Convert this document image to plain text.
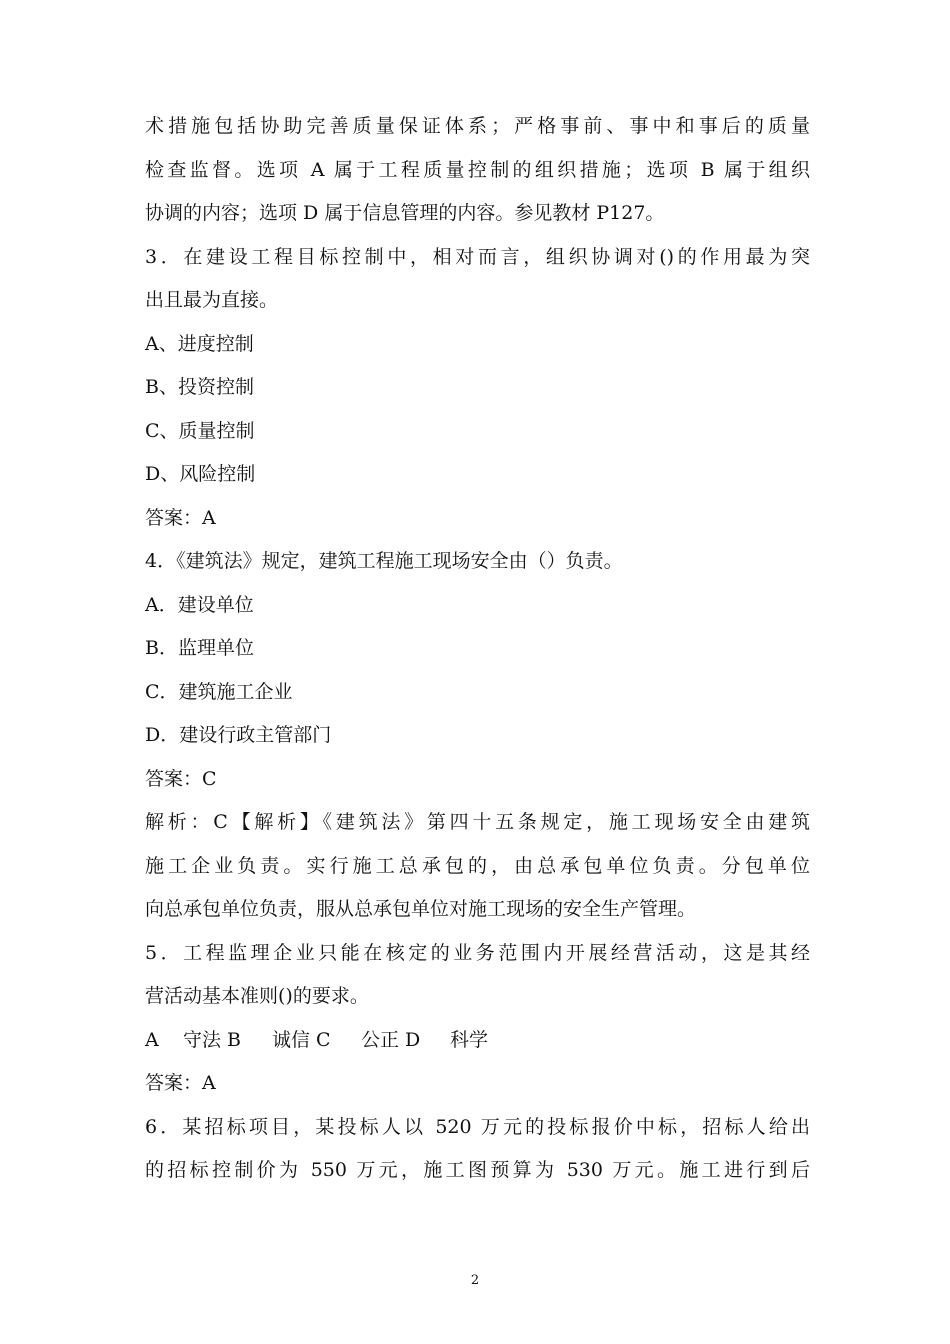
术措施包括协助完善质量保证体系；严格事前、事中和事后的质量
检查监督。选项 A 属于工程质量控制的组织措施；选项 B 属于组织
协调的内容；选项 D 属于信息管理的内容。参见教材 P127。
3．在建设工程目标控制中，相对而言，组织协调对()的作用最为突
出且最为直接。
A、进度控制
B、投资控制
C、质量控制
D、风险控制
答案：A
4．《建筑法》规定，建筑工程施工现场安全由（）负责。
A．建设单位
B．监理单位
C．建筑施工企业
D．建设行政主管部门
答案：C
解析：C【解析】《建筑法》第四十五条规定，施工现场安全由建筑
施工企业负责。实行施工总承包的，由总承包单位负责。分包单位
向总承包单位负责，服从总承包单位对施工现场的安全生产管理。
5．工程监理企业只能在核定的业务范围内开展经营活动，这是其经
营活动基本准则()的要求。
A 守法 B 诚信 C 公正 D 科学
答案：A
6．某招标项目，某投标人以 520 万元的投标报价中标，招标人给出
的招标控制价为 550 万元，施工图预算为 530 万元。施工进行到后
2
